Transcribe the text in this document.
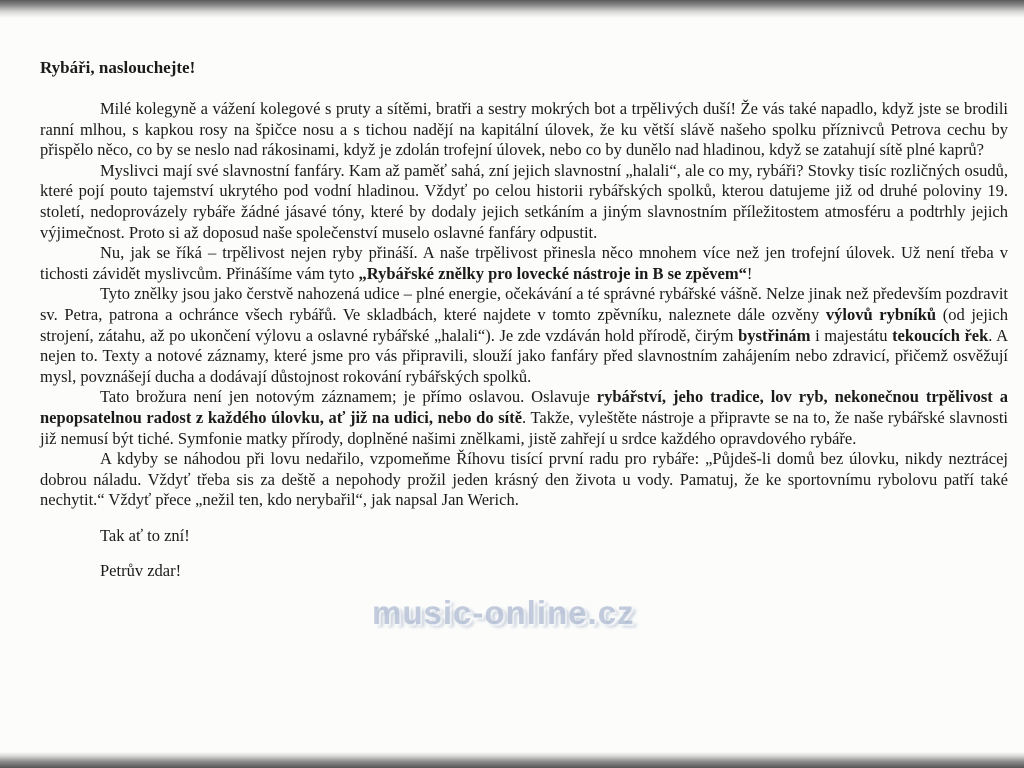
Rybáři, naslouchejte!

Milé kolegyně a vážení kolegové s pruty a sítěmi, bratři a sestry mokrých bot a trpělivých duší! Že vás také napadlo, když jste se brodili ranní mlhou, s kapkou rosy na špičce nosu a s tichou nadějí na kapitální úlovek, že ku větší slávě našeho spolku příznivců Petrova cechu by přispělo něco, co by se neslo nad rákosinami, když je zdolán trofejní úlovek, nebo co by dunělo nad hladinou, když se zatahují sítě plné kaprů?

Myslivci mají své slavnostní fanfáry. Kam až paměť sahá, zní jejich slavnostní „halali“, ale co my, rybáři? Stovky tisíc rozličných osudů, které pojí pouto tajemství ukrytého pod vodní hladinou. Vždyť po celou historii rybářských spolků, kterou datujeme již od druhé poloviny 19. století, nedoprovázely rybáře žádné jásavé tóny, které by dodaly jejich setkáním a jiným slavnostním příležitostem atmosféru a podtrhly jejich výjimečnost. Proto si až doposud naše společenství muselo oslavné fanfáry odpustit.

Nu, jak se říká – trpělivost nejen ryby přináší. A naše trpělivost přinesla něco mnohem více než jen trofejní úlovek. Už není třeba v tichosti závidět myslivcům. Přinášíme vám tyto „Rybářské znělky pro lovecké nástroje in B se zpěvem“!

Tyto znělky jsou jako čerstvě nahozená udice – plné energie, očekávání a té správné rybářské vášně. Nelze jinak než především pozdravit sv. Petra, patrona a ochránce všech rybářů. Ve skladbách, které najdete v tomto zpěvníku, naleznete dále ozvěny výlovů rybníků (od jejich strojení, zátahu, až po ukončení výlovu a oslavné rybářské „halali“). Je zde vzdáván hold přírodě, čirým bystřinám i majestátu tekoucích řek. A nejen to. Texty a notové záznamy, které jsme pro vás připravili, slouží jako fanfáry před slavnostním zahájením nebo zdravicí, přičemž osvěžují mysl, povznášejí ducha a dodávají důstojnost rokování rybářských spolků.

Tato brožura není jen notovým záznamem; je přímo oslavou. Oslavuje rybářství, jeho tradice, lov ryb, nekonečnou trpělivost a nepopsatelnou radost z každého úlovku, ať již na udici, nebo do sítě. Takže, vyleštěte nástroje a připravte se na to, že naše rybářské slavnosti již nemusí být tiché. Symfonie matky přírody, doplněné našimi znělkami, jistě zahřejí u srdce každého opravdového rybáře.

A kdyby se náhodou při lovu nedařilo, vzpomeňme Říhovu tisící první radu pro rybáře: „Půjdeš-li domů bez úlovku, nikdy neztrácej dobrou náladu. Vždyť třeba sis za deště a nepohody prožil jeden krásný den života u vody. Pamatuj, že ke sportovnímu rybolovu patří také nechytit.“ Vždyť přece „nežil ten, kdo nerybařil“, jak napsal Jan Werich.

Tak ať to zní!

Petrův zdar!

music-online.cz
